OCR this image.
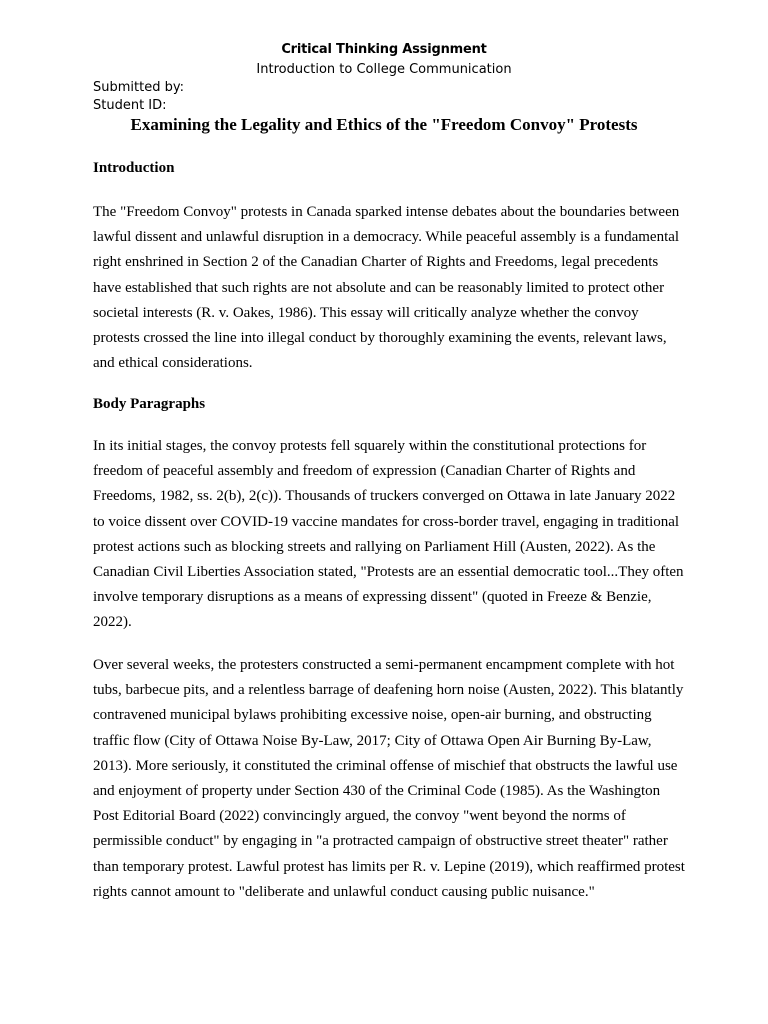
Critical Thinking Assignment
Introduction to College Communication
Submitted by:
Student ID:
Examining the Legality and Ethics of the "Freedom Convoy" Protests
Introduction

The "Freedom Convoy" protests in Canada sparked intense debates about the boundaries between lawful dissent and unlawful disruption in a democracy. While peaceful assembly is a fundamental right enshrined in Section 2 of the Canadian Charter of Rights and Freedoms, legal precedents have established that such rights are not absolute and can be reasonably limited to protect other societal interests (R. v. Oakes, 1986). This essay will critically analyze whether the convoy protests crossed the line into illegal conduct by thoroughly examining the events, relevant laws, and ethical considerations.

Body Paragraphs

In its initial stages, the convoy protests fell squarely within the constitutional protections for freedom of peaceful assembly and freedom of expression (Canadian Charter of Rights and Freedoms, 1982, ss. 2(b), 2(c)). Thousands of truckers converged on Ottawa in late January 2022 to voice dissent over COVID-19 vaccine mandates for cross-border travel, engaging in traditional protest actions such as blocking streets and rallying on Parliament Hill (Austen, 2022). As the Canadian Civil Liberties Association stated, "Protests are an essential democratic tool...They often involve temporary disruptions as a means of expressing dissent" (quoted in Freeze & Benzie, 2022).

Over several weeks, the protesters constructed a semi-permanent encampment complete with hot tubs, barbecue pits, and a relentless barrage of deafening horn noise (Austen, 2022). This blatantly contravened municipal bylaws prohibiting excessive noise, open-air burning, and obstructing traffic flow (City of Ottawa Noise By-Law, 2017; City of Ottawa Open Air Burning By-Law, 2013). More seriously, it constituted the criminal offense of mischief that obstructs the lawful use and enjoyment of property under Section 430 of the Criminal Code (1985). As the Washington Post Editorial Board (2022) convincingly argued, the convoy "went beyond the norms of permissible conduct" by engaging in "a protracted campaign of obstructive street theater" rather than temporary protest. Lawful protest has limits per R. v. Lepine (2019), which reaffirmed protest rights cannot amount to "deliberate and unlawful conduct causing public nuisance."
